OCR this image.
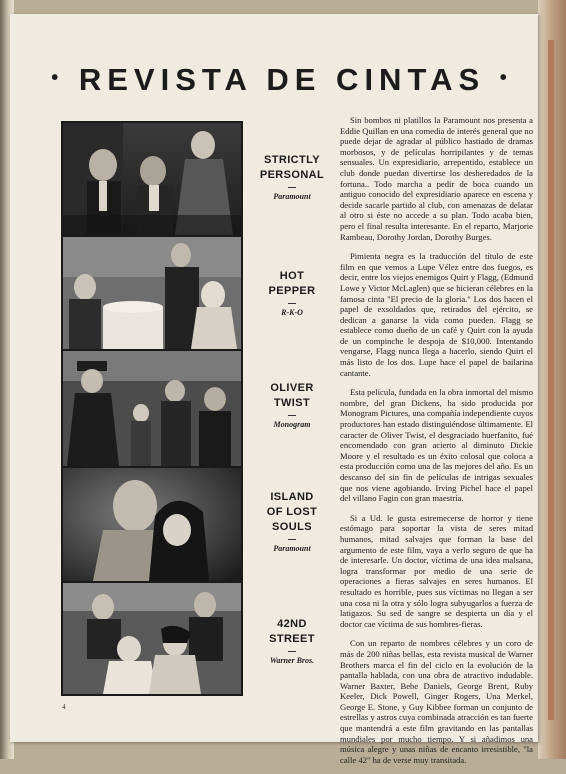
• REVISTA DE CINTAS •
STRICTLY
PERSONAL
Paramount
HOT
PEPPER
R-K-O
OLIVER
TWIST
Monogram
ISLAND
OF LOST
SOULS
Paramount
42ND
STREET
Warner Bros.

Sin bombos ni platillos la Paramount nos presenta a Eddie Quillan en una comedia de interés general que no puede dejar de agradar al público hastiado de dramas morbosos, y de películas horripilantes y de temas sensuales. Un expresidiario, arrepentido, establece un club donde puedan divertirse los desheredados de la fortuna.. Todo marcha a pedir de boca cuando un antiguo conocido del expresidiario aparece en escena y decide sacarle partido al club, con amenazas de delatar al otro si éste no accede a su plan. Todo acaba bien, pero el final resulta interesante. En el reparto, Marjorie Rambeau, Dorothy Jordan, Dorothy Burges.

Pimienta negra es la traducción del título de este film en que vemos a Lupe Vélez entre dos fuegos, es decir, entre los viejos enemigos Quirt y Flagg, (Edmund Lowe y Victor McLaglen) que se hicieran célebres en la famosa cinta "El precio de la gloria." Los dos hacen el papel de exsoldados que, retirados del ejército, se dedican a ganarse la vida como pueden. Flagg se establece como dueño de un café y Quirt con la ayuda de un compinche le despoja de $10,000. Intentando vengarse, Flagg nunca llega a hacerlo, siendo Quirt el más listo de los dos. Lupe hace el papel de bailarina cantante.

Esta película, fundada en la obra inmortal del mismo nombre, del gran Dickens, ha sido producida por Monogram Pictures, una compañía independiente cuyos productores han estado distinguiéndose últimamente. El caracter de Oliver Twist, el desgraciado huerfanito, fué encomendado con gran acierto al diminuto Dickie Moore y el resultado es un éxito colosal que coloca a esta producción como una de las mejores del año. Es un descanso del sin fin de películas de intrigas sexuales que nos viene agobiando. Irving Pichel hace el papel del villano Fagin con gran maestría.

Si a Ud. le gusta estremecerse de horror y tiene estómago para soportar la vista de seres mitad humanos, mitad salvajes que forman la base del argumento de este film, vaya a verlo seguro de que ha de interesarle. Un doctor, víctima de una idea malsana, logra transformar por medio de una serie de operaciones a fieras salvajes en seres humanos. El resultado es horrible, pues sus víctimas no llegan a ser una cosa ni la otra y sólo logra subyugarlos a fuerza de latigazos. Su sed de sangre se despierta un día y el doctor cae víctima de sus hombres-fieras.

Con un reparto de nombres célebres y un coro de más de 200 niñas bellas, esta revista musical de Warner Brothers marca el fin del ciclo en la evolución de la pantalla hablada, con una obra de atractivo indudable. Warner Baxter, Bebe Daniels, George Brent, Ruby Keeler, Dick Powell, Ginger Rogers, Una Merkel, George E. Stone, y Guy Kibbee forman un conjunto de estrellas y astros cuya combinada atracción es tan fuerte que mantendrá a este film gravitando en las pantallas mundiales por mucho tiempo. Y si añadimos una música alegre y unas niñas de encanto irresistible, "la calle 42" ha de verse muy transitada.

4
